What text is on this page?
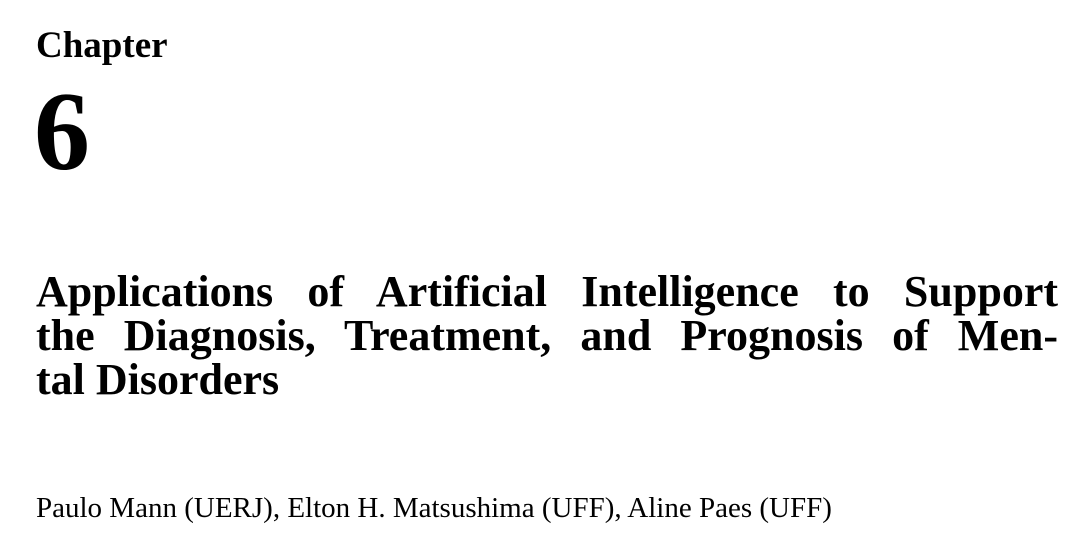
Chapter
6
Applications of Artificial Intelligence to Support
the Diagnosis, Treatment, and Prognosis of Men-
tal Disorders
Paulo Mann (UERJ), Elton H. Matsushima (UFF), Aline Paes (UFF)
